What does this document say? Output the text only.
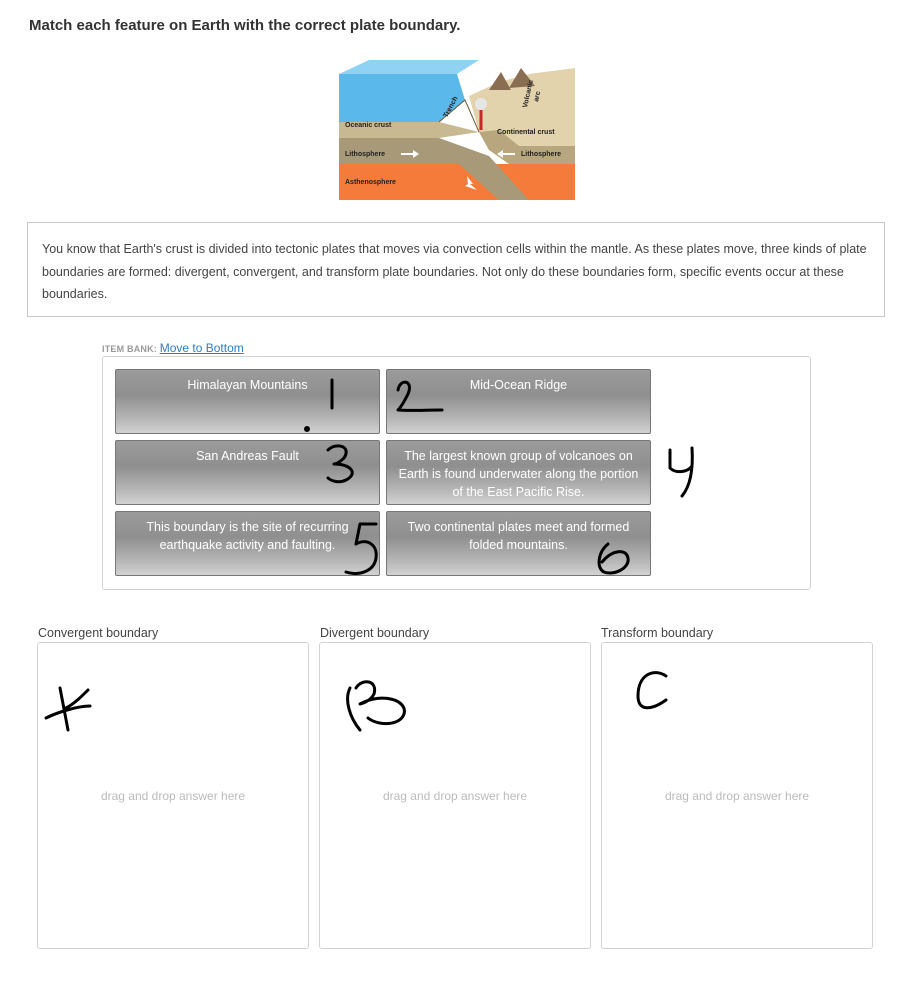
Match each feature on Earth with the correct plate boundary.
Oceanic crust
Continental crust
Lithosphere	Lithosphere
Asthenosphere
Trench	Volcanic
arc
You know that Earth's crust is divided into tectonic plates that moves via convection cells within the mantle. As these plates move, three kinds of plate boundaries are formed: divergent, convergent, and transform plate boundaries. Not only do these boundaries form, specific events occur at these boundaries.
ITEM BANK: Move to Bottom
Himalayan Mountains	Mid-Ocean Ridge
San Andreas Fault	The largest known group of volcanoes on Earth is found underwater along the portion of the East Pacific Rise.
This boundary is the site of recurring earthquake activity and faulting.
Two continental plates meet and formed folded mountains.
Convergent boundary
drag and drop answer here
Divergent boundary
drag and drop answer here
Transform boundary
drag and drop answer here
